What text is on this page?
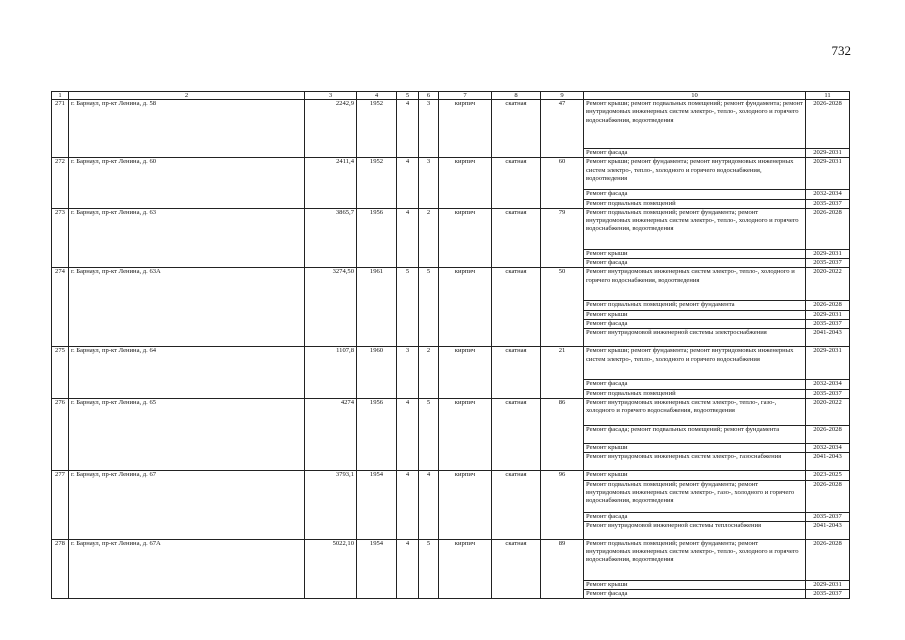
732
1	2	3	4	5	6	7	8	9	10	11
271	г. Барнаул, пр-кт Ленина, д. 58	2242,9	1952	4	3	кирпич	скатная	47	Ремонт крыши; ремонт подвальных помещений; ремонт фундамента; ремонт внутридомовых инженерных систем электро-, тепло-, холодного и горячего водоснабжения, водоотведения	2026-2028
									Ремонт фасада	2029-2031
272	г. Барнаул, пр-кт Ленина, д. 60	2411,4	1952	4	3	кирпич	скатная	60	Ремонт крыши; ремонт фундамента; ремонт внутридомовых инженерных систем электро-, тепло-, холодного и горячего водоснабжения, водоотведения	2029-2031
									Ремонт фасада	2032-2034
									Ремонт подвальных помещений	2035-2037
273	г. Барнаул, пр-кт Ленина, д. 63	3865,7	1956	4	2	кирпич	скатная	79	Ремонт подвальных помещений; ремонт фундамента; ремонт внутридомовых инженерных систем электро-, тепло-, холодного и горячего водоснабжения, водоотведения	2026-2028
									Ремонт крыши	2029-2031
									Ремонт фасада	2035-2037
274	г. Барнаул, пр-кт Ленина, д. 63А	3274,50	1961	5	5	кирпич	скатная	50	Ремонт внутридомовых инженерных систем электро-, тепло-, холодного и горячего водоснабжения, водоотведения	2020-2022
									Ремонт подвальных помещений; ремонт фундамента	2026-2028
									Ремонт крыши	2029-2031
									Ремонт фасада	2035-2037
									Ремонт внутридомовой инженерной системы электроснабжения	2041-2043
275	г. Барнаул, пр-кт Ленина, д. 64	1107,8	1960	3	2	кирпич	скатная	21	Ремонт крыши; ремонт фундамента; ремонт внутридомовых инженерных систем электро-, тепло-, холодного и горячего водоснабжения	2029-2031
									Ремонт фасада	2032-2034
									Ремонт подвальных помещений	2035-2037
276	г. Барнаул, пр-кт Ленина, д. 65	4274	1956	4	5	кирпич	скатная	86	Ремонт внутридомовых инженерных систем электро-, тепло-, газо-, холодного и горячего водоснабжения, водоотведения	2020-2022
									Ремонт фасада; ремонт подвальных помещений; ремонт фундамента	2026-2028
									Ремонт крыши	2032-2034
									Ремонт внутридомовых инженерных систем электро-, газоснабжения	2041-2043
277	г. Барнаул, пр-кт Ленина, д. 67	3793,1	1954	4	4	кирпич	скатная	96	Ремонт крыши	2023-2025
									Ремонт подвальных помещений; ремонт фундамента; ремонт внутридомовых инженерных систем электро-, газо-, холодного и горячего водоснабжения, водоотведения	2026-2028
									Ремонт фасада	2035-2037
									Ремонт внутридомовой инженерной системы теплоснабжения	2041-2043
278	г. Барнаул, пр-кт Ленина, д. 67А	5022,10	1954	4	5	кирпич	скатная	89	Ремонт подвальных помещений; ремонт фундамента; ремонт внутридомовых инженерных систем электро-, тепло-, холодного и горячего водоснабжения, водоотведения	2026-2028
									Ремонт крыши	2029-2031
									Ремонт фасада	2035-2037
